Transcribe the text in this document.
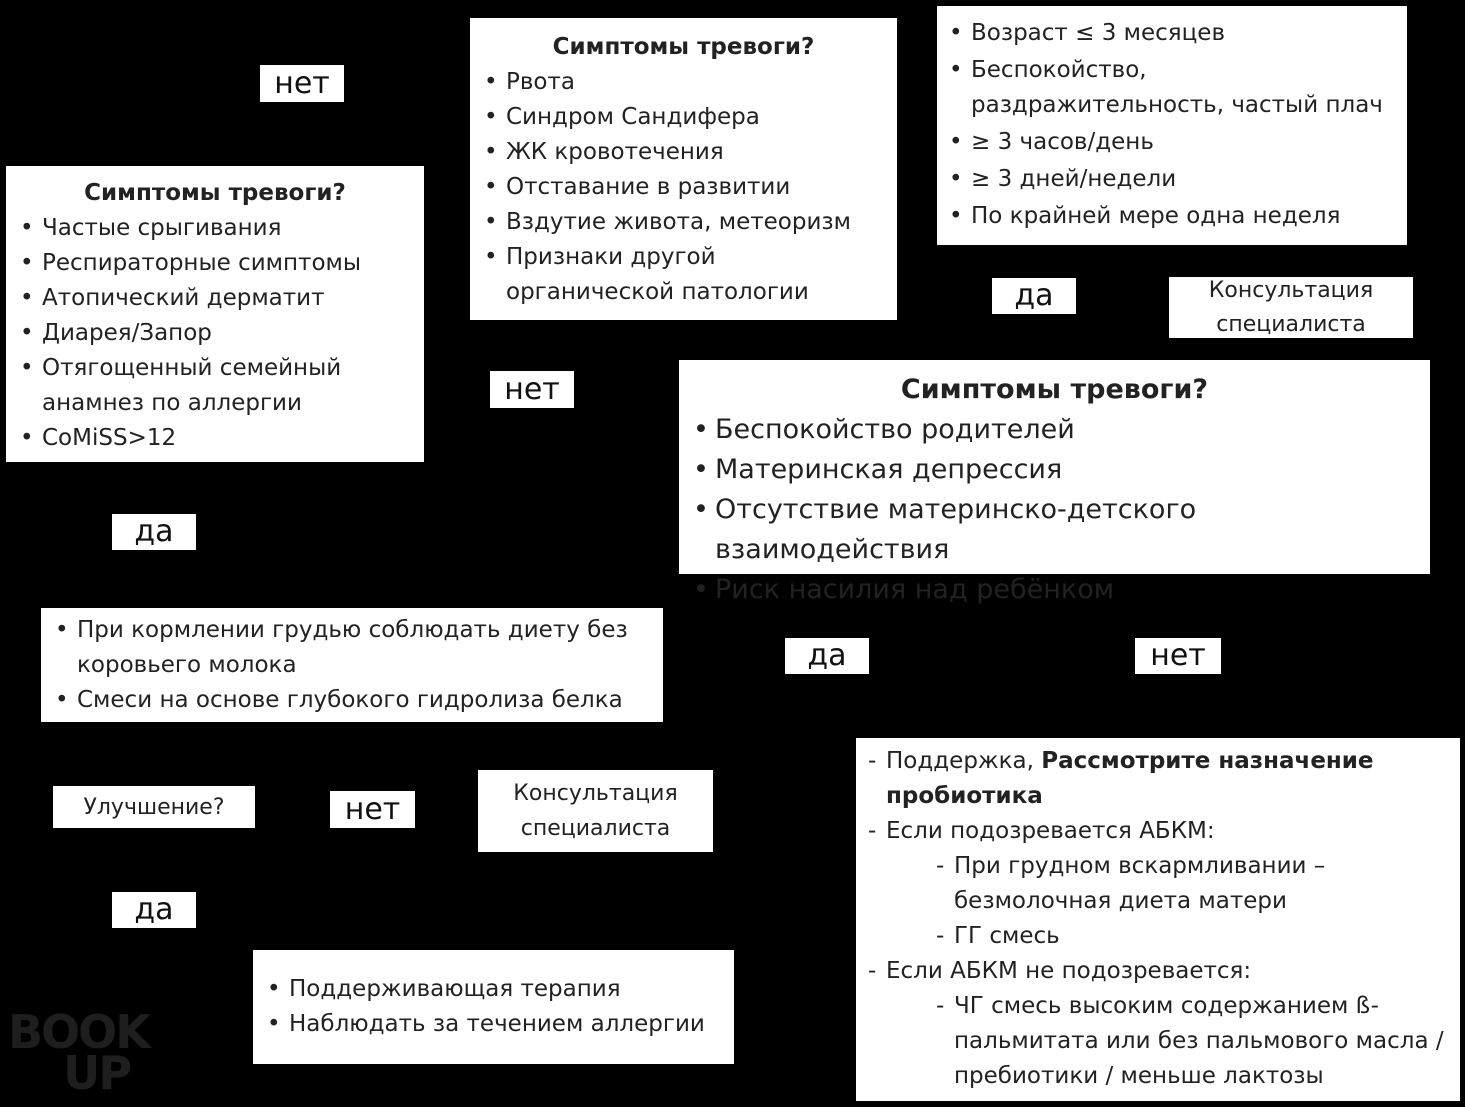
нет
нет
да
да
да	нет
нет
да
Симптомы тревоги?
• Частые срыгивания
• Респираторные симптомы
• Атопический дерматит
• Диарея/Запор
• Отягощенный семейный анамнез по аллергии
• CoMiSS>12
Симптомы тревоги?
• Рвота
• Синдром Сандифера
• ЖК кровотечения
• Отставание в развитии
• Вздутие живота, метеоризм
• Признаки другой органической патологии
• Возраст ≤ 3 месяцев
• Беспокойство, раздражительность, частый плач
• ≥ 3 часов/день
• ≥ 3 дней/недели
• По крайней мере одна неделя
Консультация специалиста
Симптомы тревоги?
• Беспокойство родителей
• Материнская депрессия
• Отсутствие материнско-детского взаимодействия
• Риск насилия над ребёнком
• При кормлении грудью соблюдать диету без коровьего молока
• Смеси на основе глубокого гидролиза белка
Улучшение?
Консультация специалиста
• Поддерживающая терапия
• Наблюдать за течением аллергии
- Поддержка, Рассмотрите назначение пробиотика
- Если подозревается АБКМ:
- При грудном вскармливании – безмолочная диета матери
- ГГ смесь
- Если АБКМ не подозревается:
- ЧГ смесь высоким содержанием ß-пальмитата или без пальмового масла / пребиотики / меньше лактозы
BOOK
UP
